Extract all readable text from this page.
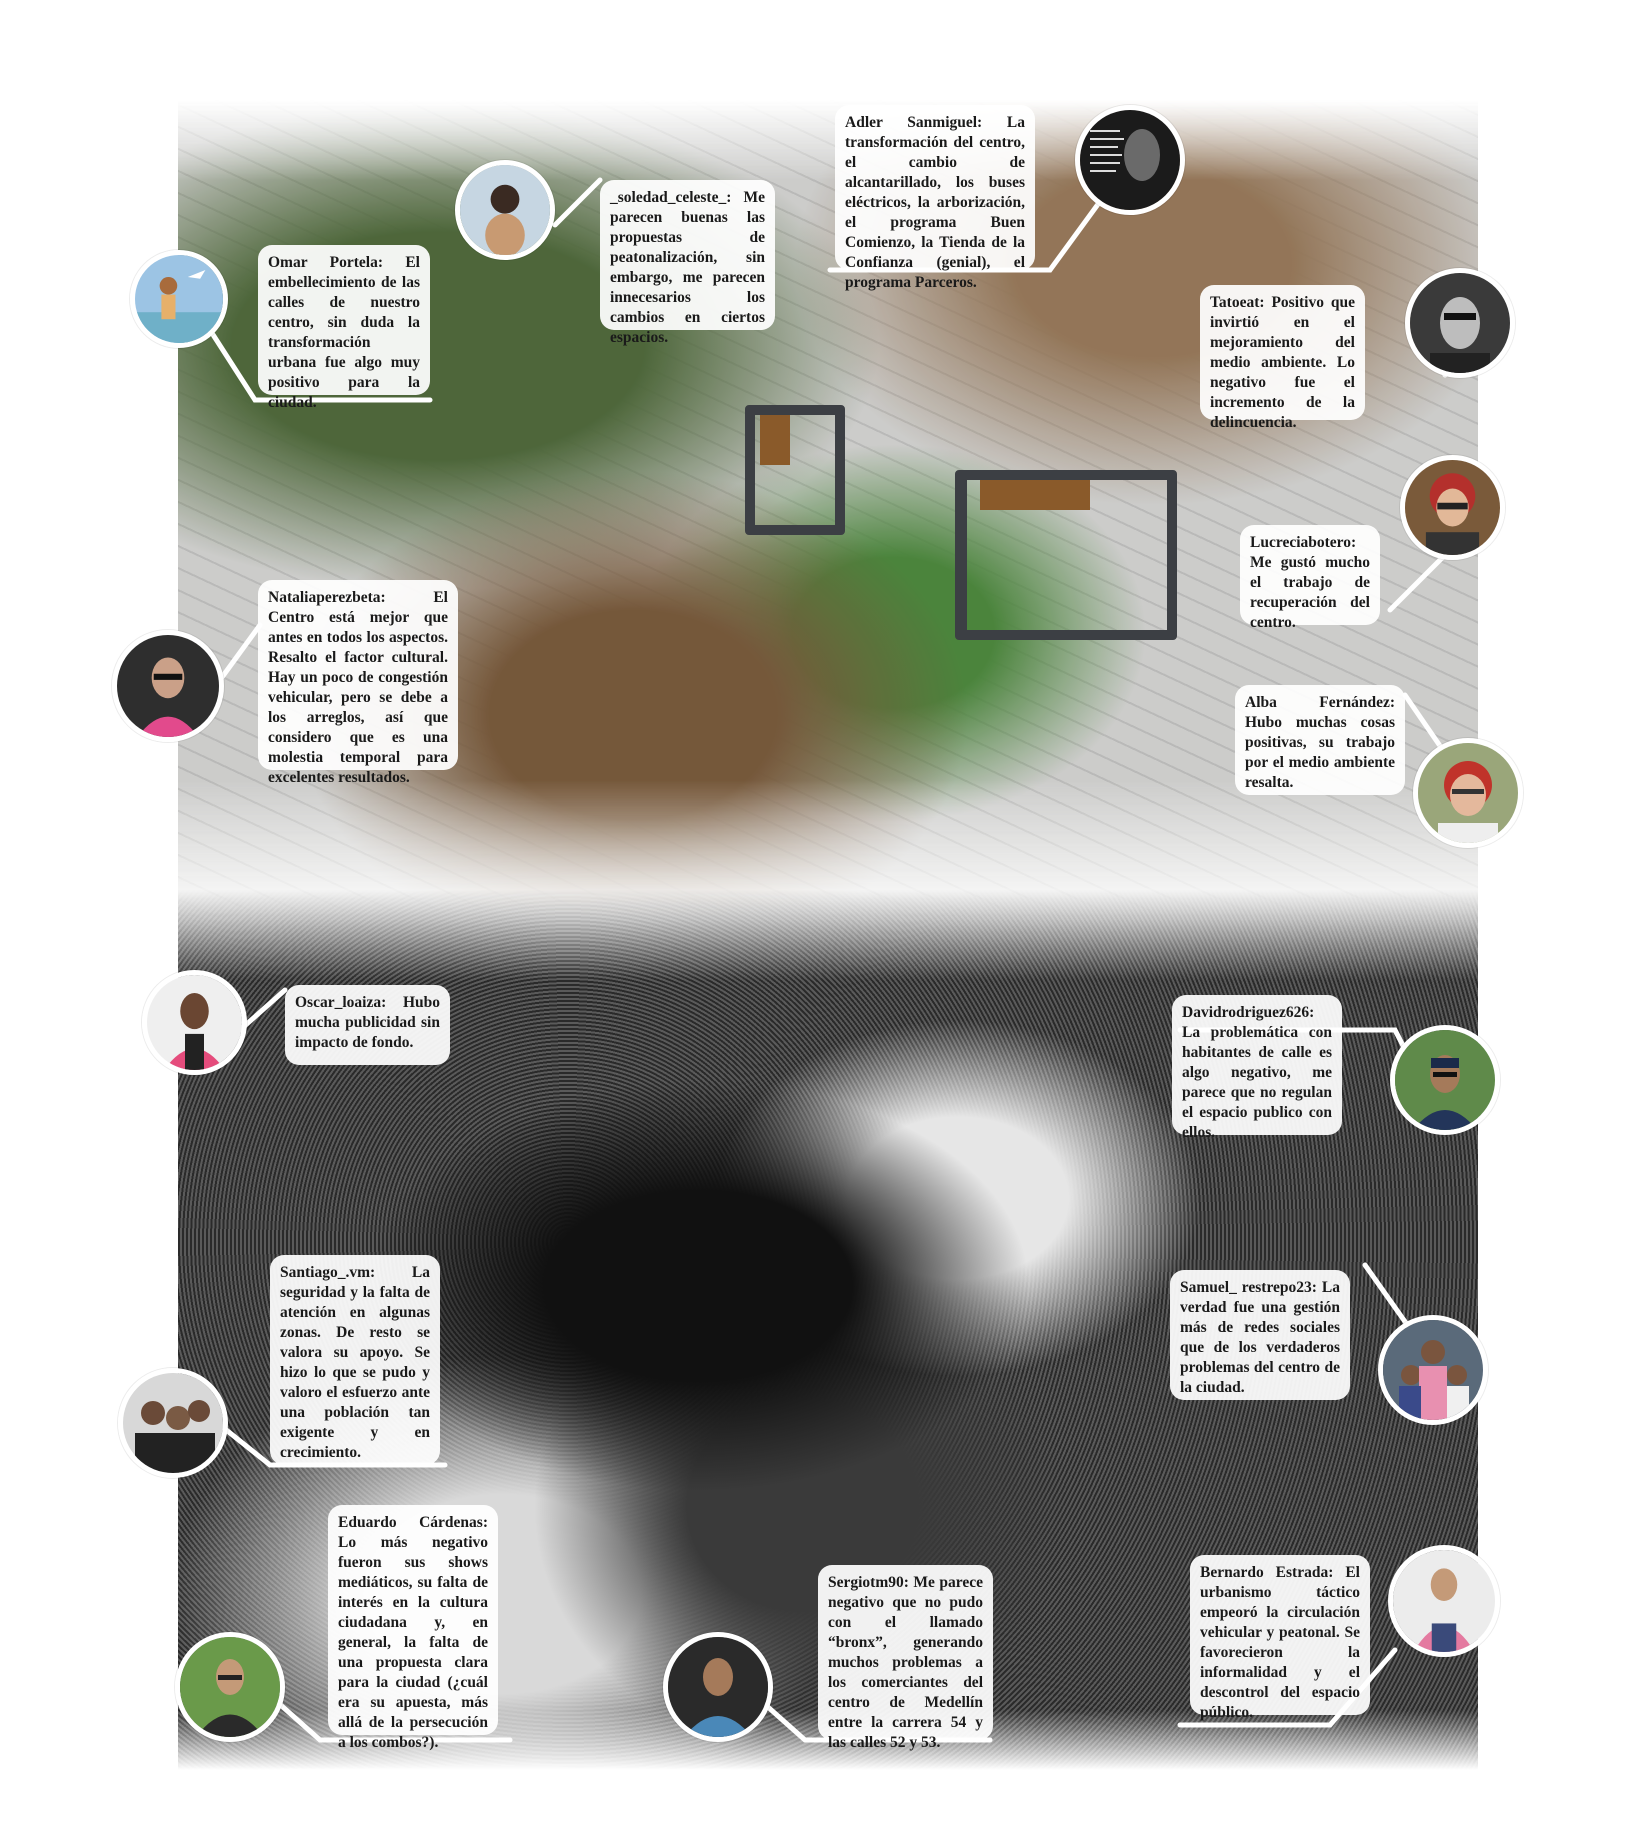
Omar Portela: El embellecimiento de las calles de nuestro centro, sin duda la transformación urbana fue algo muy positivo para la ciudad.
_soledad_celeste_: Me parecen buenas las propuestas de peatonalización, sin embargo, me parecen innecesarios los cambios en ciertos espacios.
Adler Sanmiguel: La transformación del centro, el cambio de alcantarillado, los buses eléctricos, la arborización, el programa Buen Comienzo, la Tienda de la Confianza (genial), el programa Parceros.
Tatoeat: Positivo que invirtió en el mejoramiento del medio ambiente. Lo negativo fue el incremento de la delincuencia.
Lucreciabotero: Me gustó mucho el trabajo de recuperación del centro.
Nataliaperezbeta:	El Centro está mejor que antes en todos los aspectos. Resalto el factor cultural. Hay un poco de congestión vehicular, pero se debe a los arreglos, así que considero que es una molestia temporal para excelentes resultados.
Alba Fernández: Hubo muchas cosas positivas, su trabajo por el medio ambiente resalta.
Oscar_loaiza: Hubo mucha publicidad sin impacto de fondo.
Davidrodriguez626: La problemática con habitantes de calle es algo negativo, me parece que no regulan el espacio publico con ellos.
Santiago_.vm: La seguridad y la falta de atención en algunas zonas. De resto se valora su apoyo. Se hizo lo que se pudo y valoro el esfuerzo ante una población tan exigente y en crecimiento.
Samuel_ restrepo23: La verdad fue una gestión más de redes sociales que de los verdaderos problemas del centro de la ciudad.
Eduardo Cárdenas: Lo más negativo fueron sus shows mediáticos, su falta de interés en la cultura ciudadana y, en general, la falta de una propuesta clara para la ciudad (¿cuál era su apuesta, más allá de la persecución a los combos?).
Sergiotm90: Me parece negativo que no pudo con el llamado “bronx”, generando muchos problemas a los comerciantes del centro de Medellín entre la carrera 54 y las calles 52 y 53.
Bernardo Estrada: El urbanismo táctico empeoró la circulación vehicular y peatonal. Se favorecieron la informalidad y el descontrol del espacio público.
